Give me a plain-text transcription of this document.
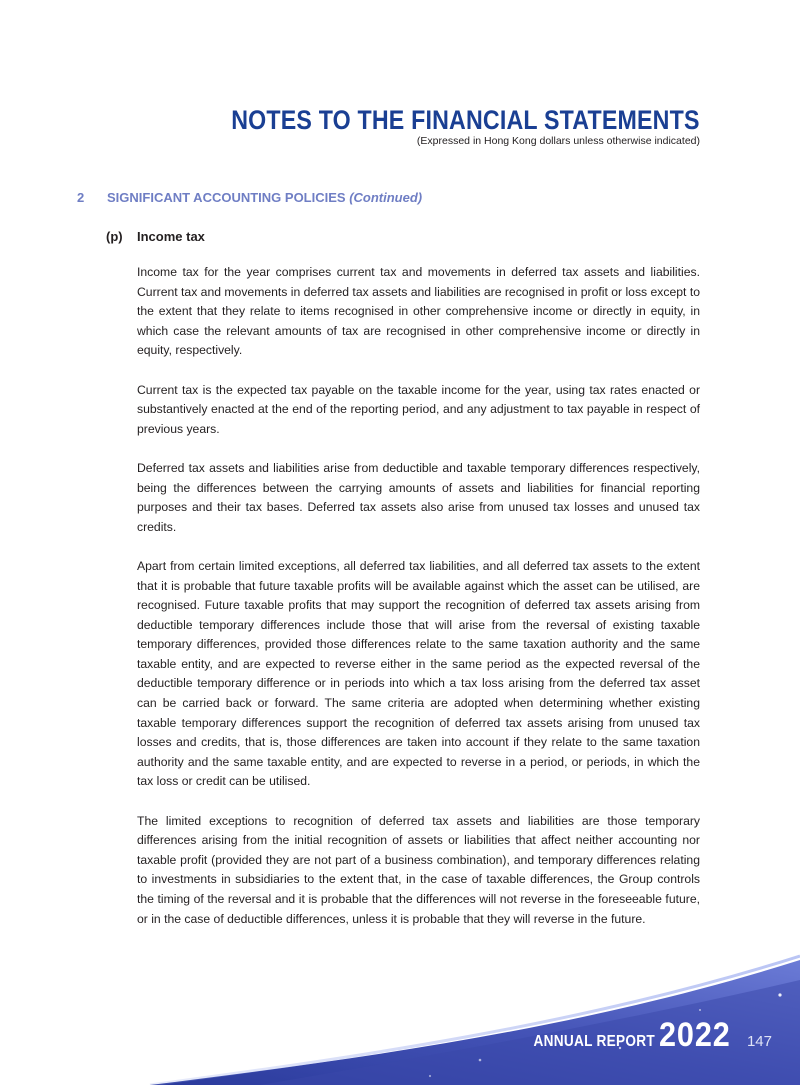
NOTES TO THE FINANCIAL STATEMENTS
(Expressed in Hong Kong dollars unless otherwise indicated)
2 SIGNIFICANT ACCOUNTING POLICIES (Continued)
(p) Income tax

Income tax for the year comprises current tax and movements in deferred tax assets and liabilities. Current tax and movements in deferred tax assets and liabilities are recognised in profit or loss except to the extent that they relate to items recognised in other comprehensive income or directly in equity, in which case the relevant amounts of tax are recognised in other comprehensive income or directly in equity, respectively.

Current tax is the expected tax payable on the taxable income for the year, using tax rates enacted or substantively enacted at the end of the reporting period, and any adjustment to tax payable in respect of previous years.

Deferred tax assets and liabilities arise from deductible and taxable temporary differences respectively, being the differences between the carrying amounts of assets and liabilities for financial reporting purposes and their tax bases. Deferred tax assets also arise from unused tax losses and unused tax credits.

Apart from certain limited exceptions, all deferred tax liabilities, and all deferred tax assets to the extent that it is probable that future taxable profits will be available against which the asset can be utilised, are recognised. Future taxable profits that may support the recognition of deferred tax assets arising from deductible temporary differences include those that will arise from the reversal of existing taxable temporary differences, provided those differences relate to the same taxation authority and the same taxable entity, and are expected to reverse either in the same period as the expected reversal of the deductible temporary difference or in periods into which a tax loss arising from the deferred tax asset can be carried back or forward. The same criteria are adopted when determining whether existing taxable temporary differences support the recognition of deferred tax assets arising from unused tax losses and credits, that is, those differences are taken into account if they relate to the same taxation authority and the same taxable entity, and are expected to reverse in a period, or periods, in which the tax loss or credit can be utilised.

The limited exceptions to recognition of deferred tax assets and liabilities are those temporary differences arising from the initial recognition of assets or liabilities that affect neither accounting nor taxable profit (provided they are not part of a business combination), and temporary differences relating to investments in subsidiaries to the extent that, in the case of taxable differences, the Group controls the timing of the reversal and it is probable that the differences will not reverse in the foreseeable future, or in the case of deductible differences, unless it is probable that they will reverse in the future.

ANNUAL REPORT 2022 147
